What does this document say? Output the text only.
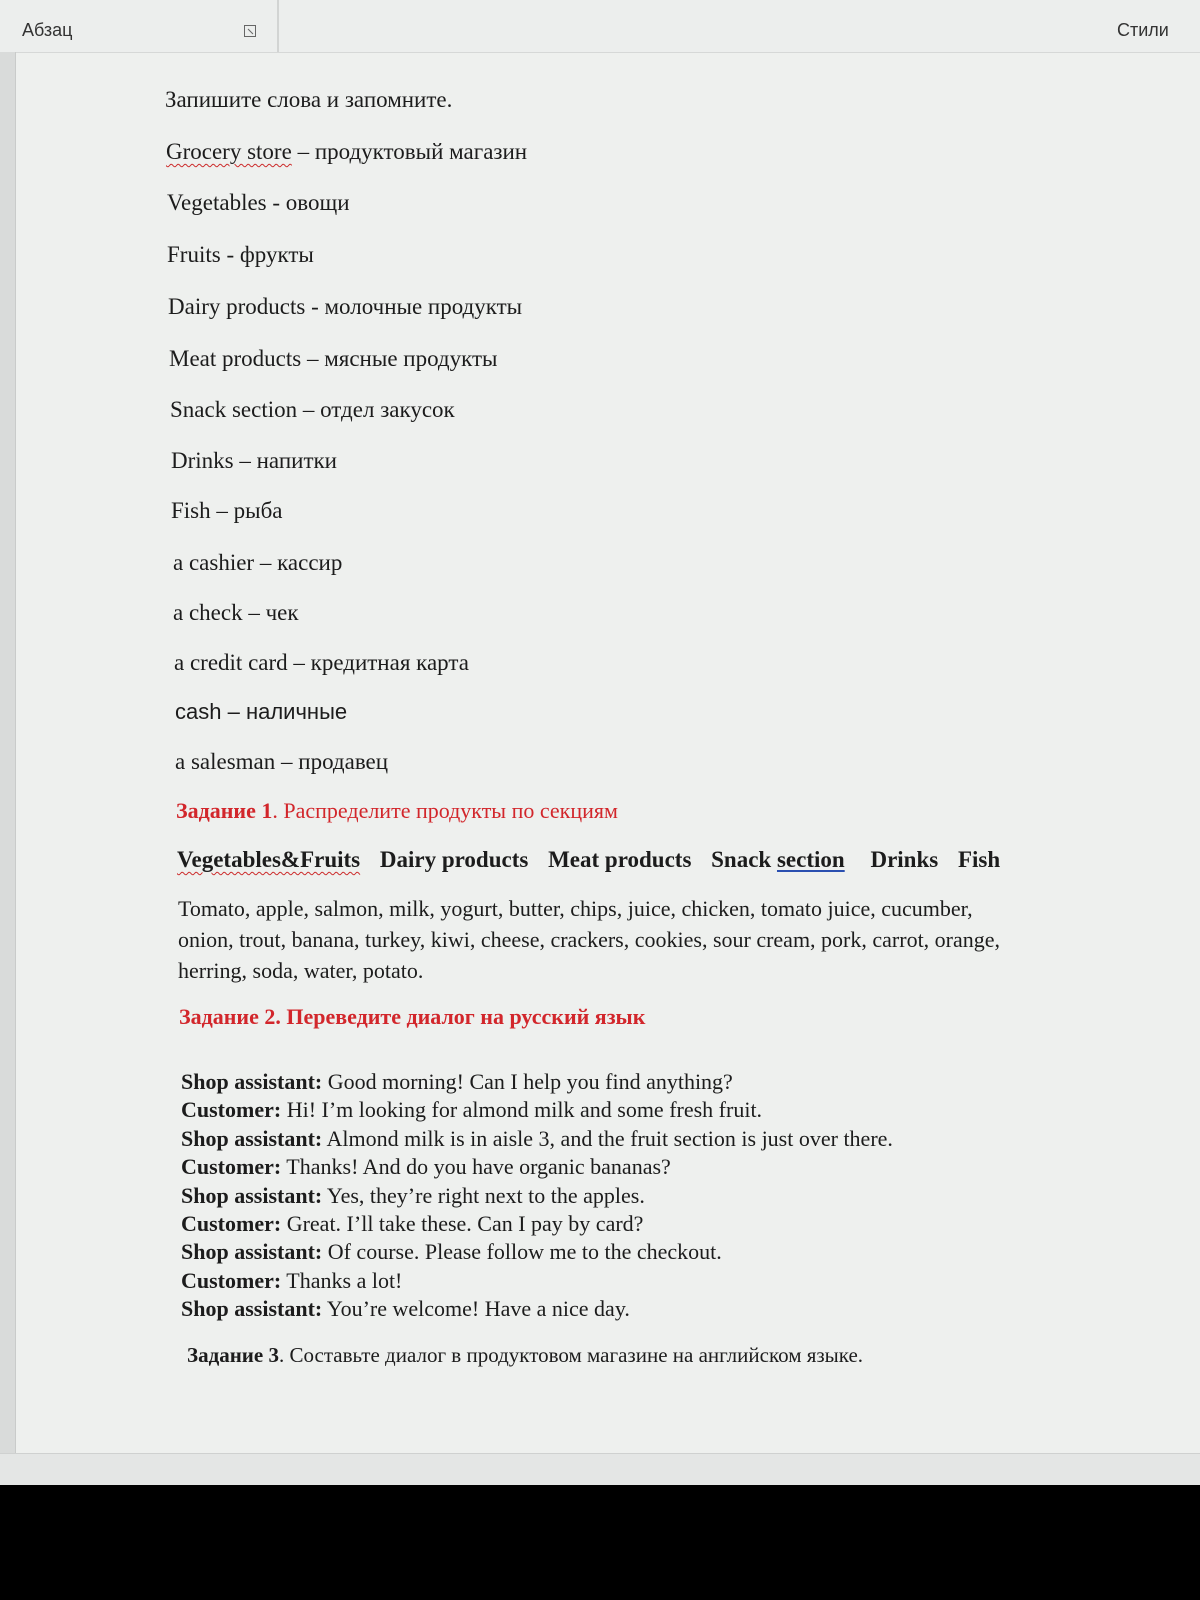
Абзац	Стили
Запишите слова и запомните.
Grocery store – продуктовый магазин
Vegetables - овощи
Fruits - фрукты
Dairy products - молочные продукты
Meat products – мясные продукты
Snack section – отдел закусок
Drinks – напитки
Fish – рыба
a cashier – кассир
a check – чек
a credit card – кредитная карта
cash – наличные
a salesman – продавец
Задание 1. Распределите продукты по секциям
Vegetables&Fruits Dairy products Meat products Snack section Drinks Fish
Tomato, apple, salmon, milk, yogurt, butter, chips, juice, chicken, tomato juice, cucumber,
onion, trout, banana, turkey, kiwi, cheese, crackers, cookies, sour cream, pork, carrot, orange,
herring, soda, water, potato.
Задание 2. Переведите диалог на русский язык
Shop assistant: Good morning! Can I help you find anything?
Customer: Hi! I’m looking for almond milk and some fresh fruit.
Shop assistant: Almond milk is in aisle 3, and the fruit section is just over there.
Customer: Thanks! And do you have organic bananas?
Shop assistant: Yes, they’re right next to the apples.
Customer: Great. I’ll take these. Can I pay by card?
Shop assistant: Of course. Please follow me to the checkout.
Customer: Thanks a lot!
Shop assistant: You’re welcome! Have a nice day.
Задание 3. Составьте диалог в продуктовом магазине на английском языке.
